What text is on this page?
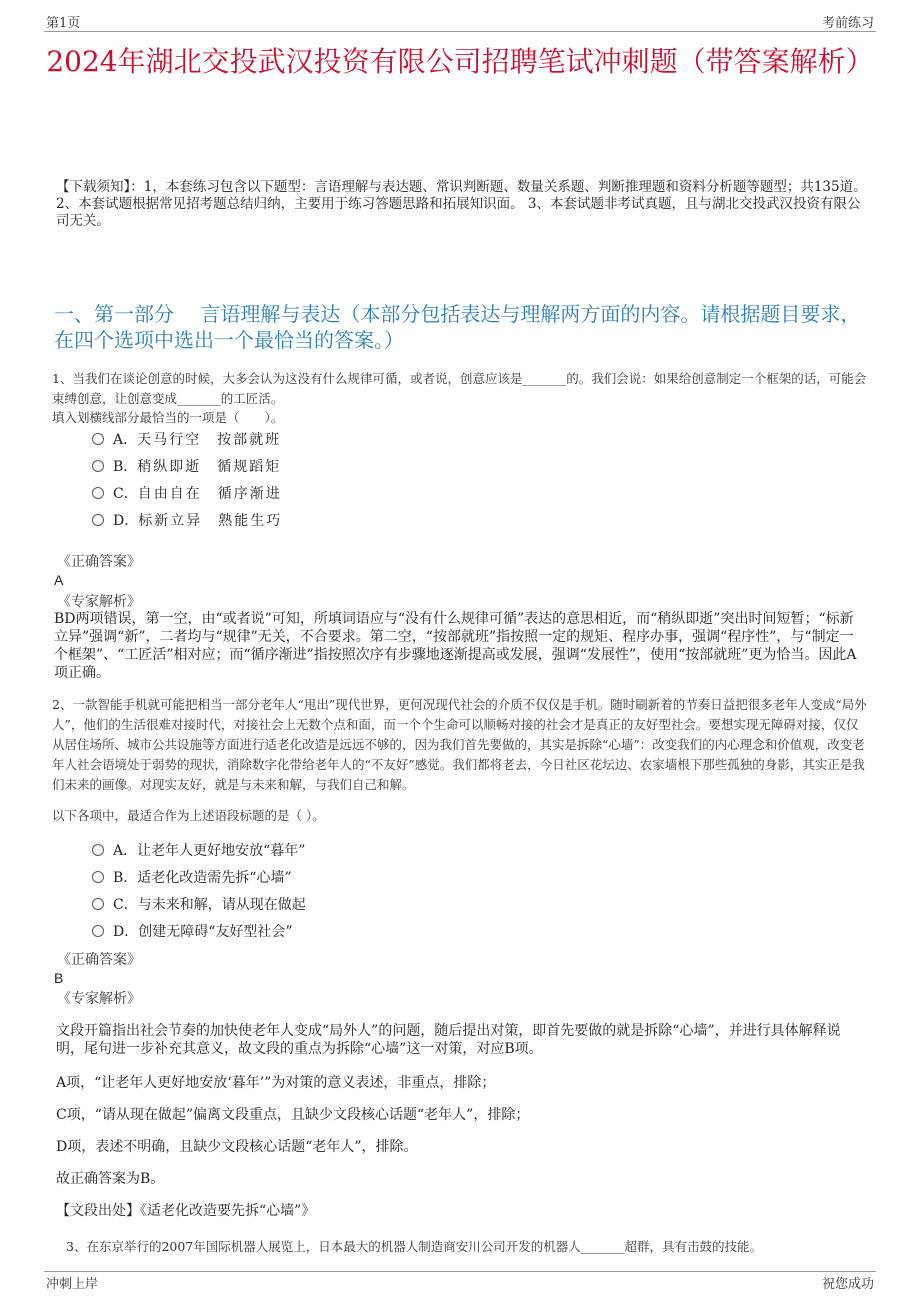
第1页	考前练习
2024年湖北交投武汉投资有限公司招聘笔试冲刺题（带答案解析）
【下载须知】：1，本套练习包含以下题型：言语理解与表达题、常识判断题、数量关系题、判断推理题和资料分析题等题型；共135道。 2、本套试题根据常见招考题总结归纳，主要用于练习答题思路和拓展知识面。 3、本套试题非考试真题，且与湖北交投武汉投资有限公司无关。
一、第一部分　 言语理解与表达（本部分包括表达与理解两方面的内容。请根据题目要求，在四个选项中选出一个最恰当的答案。）
1、当我们在谈论创意的时候，大多会认为这没有什么规律可循，或者说，创意应该是_______的。我们会说：如果给创意制定一个框架的话，可能会束缚创意，让创意变成_______的工匠活。
填入划横线部分最恰当的一项是（　　）。
A．天马行空　按部就班
B．稍纵即逝　循规蹈矩
C．自由自在　循序渐进
D．标新立异　熟能生巧
《正确答案》
A
《专家解析》
BD两项错误，第一空，由“或者说”可知，所填词语应与“没有什么规律可循”表达的意思相近，而“稍纵即逝”突出时间短暂；“标新立异”强调“新”，二者均与“规律”无关，不合要求。第二空，“按部就班”指按照一定的规矩、程序办事，强调“程序性”，与“制定一个框架”、“工匠活”相对应；而“循序渐进”指按照次序有步骤地逐渐提高或发展，强调“发展性”，使用“按部就班”更为恰当。因此A项正确。
2、一款智能手机就可能把相当一部分老年人“甩出”现代世界，更何况现代社会的介质不仅仅是手机。随时刷新着的节奏日益把很多老年人变成“局外人”，他们的生活很难对接时代，对接社会上无数个点和面，而一个个生命可以顺畅对接的社会才是真正的友好型社会。要想实现无障碍对接，仅仅从居住场所、城市公共设施等方面进行适老化改造是远远不够的，因为我们首先要做的，其实是拆除“心墙”：改变我们的内心理念和价值观，改变老年人社会语境处于弱势的现状，消除数字化带给老年人的“不友好”感觉。我们都将老去，今日社区花坛边、农家墙根下那些孤独的身影，其实正是我们未来的画像。对现实友好，就是与未来和解，与我们自己和解。
以下各项中，最适合作为上述语段标题的是（ ）。
A．让老年人更好地安放“暮年”
B．适老化改造需先拆“心墙”
C．与未来和解，请从现在做起
D．创建无障碍“友好型社会”
《正确答案》
B
《专家解析》
文段开篇指出社会节奏的加快使老年人变成“局外人”的问题，随后提出对策，即首先要做的就是拆除“心墙”，并进行具体解释说明，尾句进一步补充其意义，故文段的重点为拆除“心墙”这一对策，对应B项。
A项，“让老年人更好地安放‘暮年’”为对策的意义表述，非重点，排除；
C项，“请从现在做起”偏离文段重点，且缺少文段核心话题“老年人”，排除；
D项，表述不明确，且缺少文段核心话题“老年人”，排除。
故正确答案为B。
【文段出处】《适老化改造要先拆“心墙”》
3、在东京举行的2007年国际机器人展览上，日本最大的机器人制造商安川公司开发的机器人_______超群，具有击鼓的技能。
冲刺上岸	祝您成功
